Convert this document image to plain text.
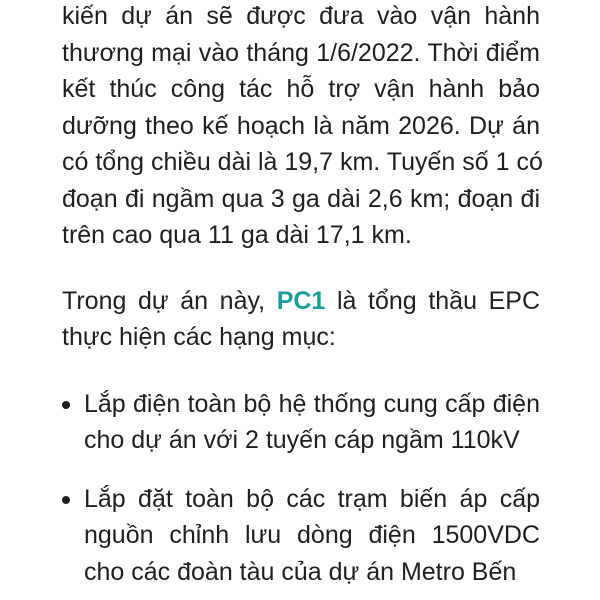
kiến dự án sẽ được đưa vào vận hành
thương mại vào tháng 1/6/2022. Thời điểm
kết thúc công tác hỗ trợ vận hành bảo
dưỡng theo kế hoạch là năm 2026. Dự án
có tổng chiều dài là 19,7 km. Tuyến số 1 có
đoạn đi ngầm qua 3 ga dài 2,6 km; đoạn đi
trên cao qua 11 ga dài 17,1 km.

Trong dự án này, PC1 là tổng thầu EPC
thực hiện các hạng mục:

Lắp điện toàn bộ hệ thống cung cấp điện
cho dự án với 2 tuyến cáp ngầm 110kV
Lắp đặt toàn bộ các trạm biến áp cấp
nguồn chỉnh lưu dòng điện 1500VDC
cho các đoàn tàu của dự án Metro Bến
